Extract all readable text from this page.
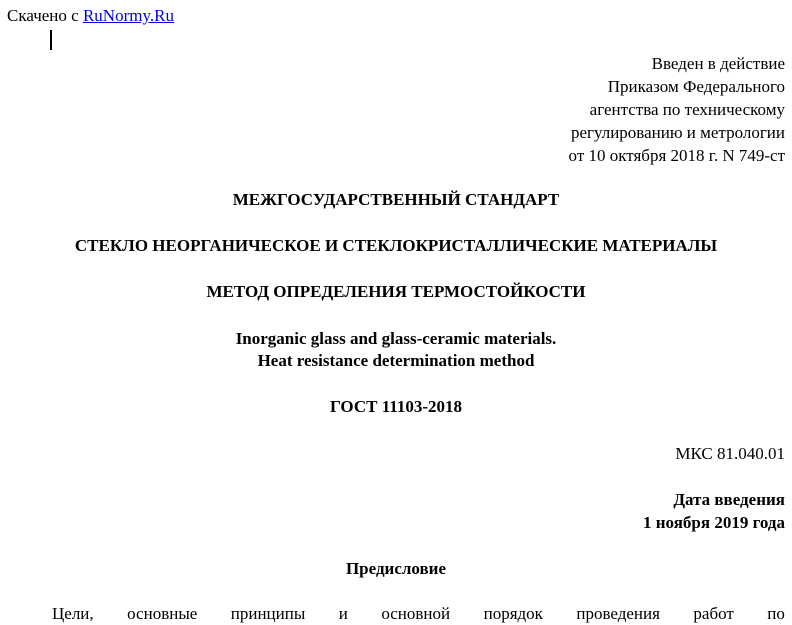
Скачено с RuNormy.Ru
Введен в действие
Приказом Федерального
агентства по техническому
регулированию и метрологии
от 10 октября 2018 г. N 749-ст
МЕЖГОСУДАРСТВЕННЫЙ СТАНДАРТ
СТЕКЛО НЕОРГАНИЧЕСКОЕ И СТЕКЛОКРИСТАЛЛИЧЕСКИЕ МАТЕРИАЛЫ
МЕТОД ОПРЕДЕЛЕНИЯ ТЕРМОСТОЙКОСТИ
Inorganic glass and glass-ceramic materials.
Heat resistance determination method
ГОСТ 11103-2018
МКС 81.040.01
Дата введения
1 ноября 2019 года
Предисловие
Цели, основные принципы и основной порядок проведения работ по
